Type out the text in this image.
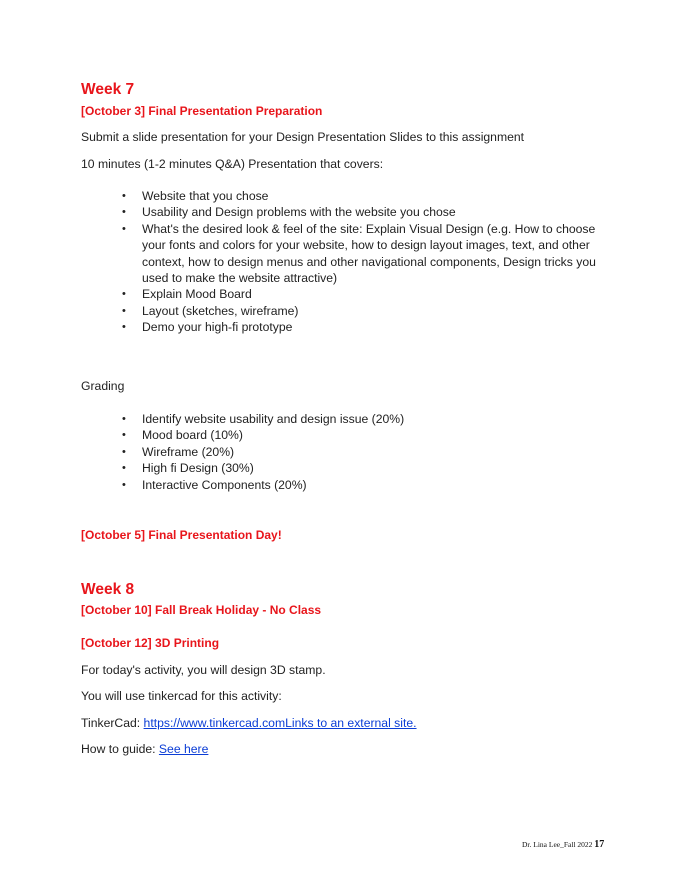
Week 7
[October 3] Final Presentation Preparation
Submit a slide presentation for your Design Presentation Slides to this assignment
10 minutes (1-2 minutes Q&A) Presentation that covers:
• Website that you chose
• Usability and Design problems with the website you chose
• What's the desired look & feel of the site: Explain Visual Design (e.g. How to choose your fonts and colors for your website, how to design layout images, text, and other context, how to design menus and other navigational components, Design tricks you used to make the website attractive)
• Explain Mood Board
• Layout (sketches, wireframe)
• Demo your high-fi prototype
Grading
• Identify website usability and design issue (20%)
• Mood board (10%)
• Wireframe (20%)
• High fi Design (30%)
• Interactive Components (20%)
[October 5] Final Presentation Day!
Week 8
[October 10] Fall Break Holiday - No Class
[October 12] 3D Printing
For today's activity, you will design 3D stamp.
You will use tinkercad for this activity:
TinkerCad: https://www.tinkercad.comLinks to an external site.
How to guide: See here
Dr. Lina Lee_Fall 2022 17
